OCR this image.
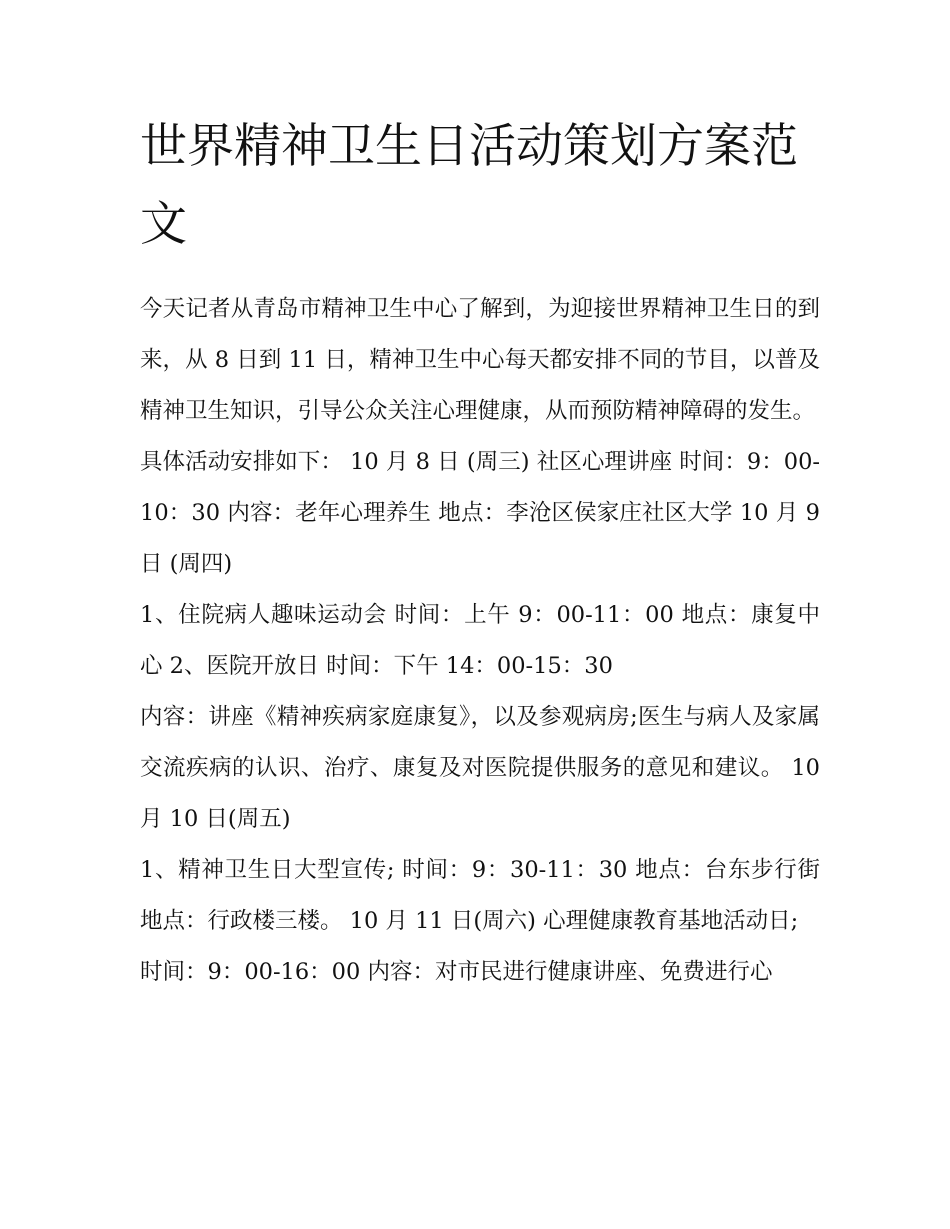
世界精神卫生日活动策划方案范文

今天记者从青岛市精神卫生中心了解到，为迎接世界精神卫生日的到来，从 8 日到 11 日，精神卫生中心每天都安排不同的节目，以普及精神卫生知识，引导公众关注心理健康，从而预防精神障碍的发生。

具体活动安排如下： 10 月 8 日 (周三) 社区心理讲座 时间：9：00-10：30 内容：老年心理养生 地点：李沧区侯家庄社区大学 10 月 9 日 (周四)

1、住院病人趣味运动会 时间：上午 9：00-11：00 地点：康复中心 2、医院开放日 时间：下午 14：00-15：30

内容：讲座《精神疾病家庭康复》，以及参观病房;医生与病人及家属交流疾病的认识、治疗、康复及对医院提供服务的意见和建议。 10 月 10 日(周五)

1、精神卫生日大型宣传; 时间：9：30-11：30 地点：台东步行街 地点：行政楼三楼。 10 月 11 日(周六) 心理健康教育基地活动日;

时间：9：00-16：00 内容：对市民进行健康讲座、免费进行心
